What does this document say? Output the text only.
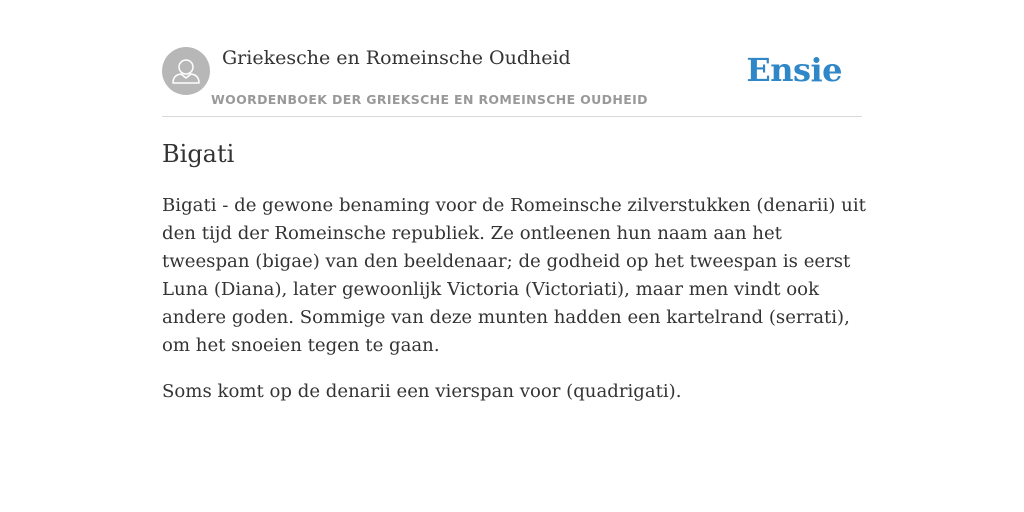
Griekesche en Romeinsche Oudheid
WOORDENBOEK DER GRIEKSCHE EN ROMEINSCHE OUDHEID
Ensie
Bigati

Bigati - de gewone benaming voor de Romeinsche zilverstukken (denarii) uit den tijd der Romeinsche republiek. Ze ontleenen hun naam aan het tweespan (bigae) van den beeldenaar; de godheid op het tweespan is eerst Luna (Diana), later gewoonlijk Victoria (Victoriati), maar men vindt ook andere goden. Sommige van deze munten hadden een kartelrand (serrati), om het snoeien tegen te gaan.

Soms komt op de denarii een vierspan voor (quadrigati).
